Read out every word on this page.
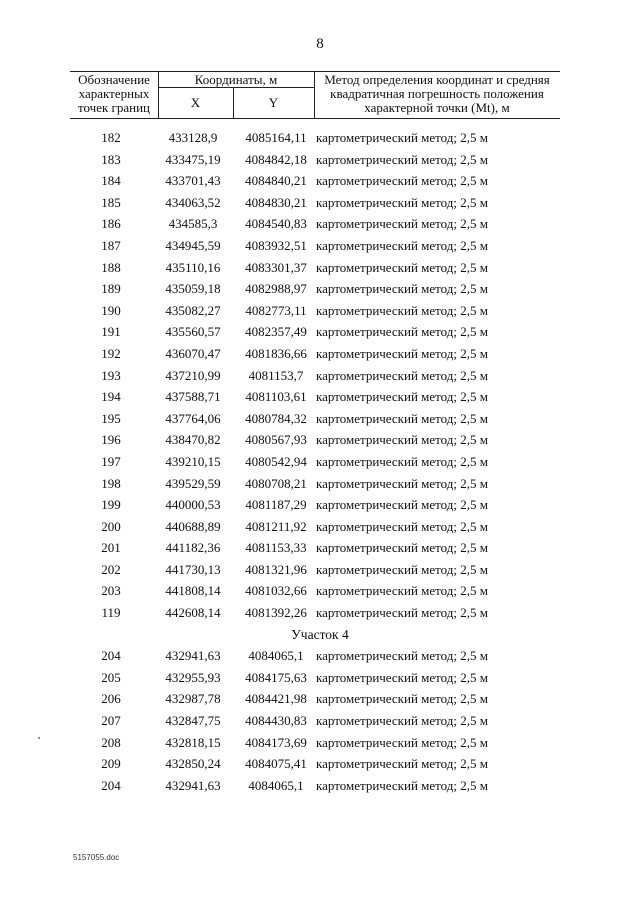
8
Обозначение характерных точек границ
Координаты, м
X	Y
Метод определения координат и средняя квадратичная погрешность положения характерной точки (Mt), м
182	433128,9	4085164,11 картометрический метод; 2,5 м
183	433475,19	4084842,18 картометрический метод; 2,5 м
184	433701,43	4084840,21 картометрический метод; 2,5 м
185	434063,52	4084830,21 картометрический метод; 2,5 м
186	434585,3	4084540,83 картометрический метод; 2,5 м
187	434945,59	4083932,51 картометрический метод; 2,5 м
188	435110,16	4083301,37 картометрический метод; 2,5 м
189	435059,18	4082988,97 картометрический метод; 2,5 м
190	435082,27	4082773,11 картометрический метод; 2,5 м
191	435560,57	4082357,49 картометрический метод; 2,5 м
192	436070,47	4081836,66 картометрический метод; 2,5 м
193	437210,99	4081153,7 картометрический метод; 2,5 м
194	437588,71	4081103,61 картометрический метод; 2,5 м
195	437764,06	4080784,32 картометрический метод; 2,5 м
196	438470,82	4080567,93 картометрический метод; 2,5 м
197	439210,15	4080542,94 картометрический метод; 2,5 м
198	439529,59	4080708,21 картометрический метод; 2,5 м
199	440000,53	4081187,29 картометрический метод; 2,5 м
200	440688,89	4081211,92 картометрический метод; 2,5 м
201	441182,36	4081153,33 картометрический метод; 2,5 м
202	441730,13	4081321,96 картометрический метод; 2,5 м
203	441808,14	4081032,66 картометрический метод; 2,5 м
119	442608,14	4081392,26 картометрический метод; 2,5 м
Участок 4
204	432941,63	4084065,1 картометрический метод; 2,5 м
205	432955,93	4084175,63 картометрический метод; 2,5 м
206	432987,78	4084421,98 картометрический метод; 2,5 м
207	432847,75	4084430,83 картометрический метод; 2,5 м
208	432818,15	4084173,69 картометрический метод; 2,5 м
209	432850,24	4084075,41 картометрический метод; 2,5 м
204	432941,63	4084065,1 картометрический метод; 2,5 м
5157055.doc
